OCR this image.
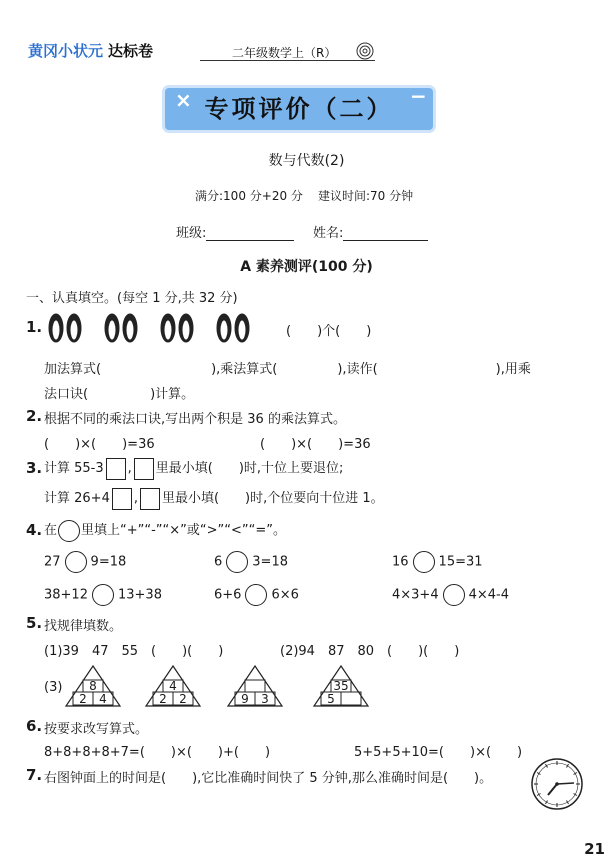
黄冈小状元 达标卷	二年级数学上（R）
×	−
专项评价（二）
数与代数(2)
满分:100 分+20 分 建议时间:70 分钟
班级:	姓名:
A 素养测评(100 分)
一、认真填空。(每空 1 分,共 32 分)
1.	(　　)个(　　)
加法算式(	),乘法算式(	),读作(	),用乘
法口诀(	)计算。
2. 根据不同的乘法口诀,写出两个积是 36 的乘法算式。
(　　)×(　　)=36	(　　)×(　　)=36
3. 计算 55-3 , 里最小填(　　)时,十位上要退位;
计算 26+4 , 里最小填(　　)时,个位要向十位进 1。
4. 在 里填上“+”“-”“×”或“>”“<”“=”。
27 9=18	6 3=18	16 15=31
38+12 13+38	6+6 6×6	4×3+4 4×4-4
5. 找规律填数。
(1)39　47　55　(　　)(　　)	(2)94　87　80　(　　)(　　)
(3)	8
2	4
4
2	2	9	3
35
5
6. 按要求改写算式。
8+8+8+8+7=(　　)×(　　)+(　　)	5+5+5+10=(　　)×(　　)
7. 右图钟面上的时间是(　　),它比准确时间快了 5 分钟,那么准确时间是(　　)。
21
